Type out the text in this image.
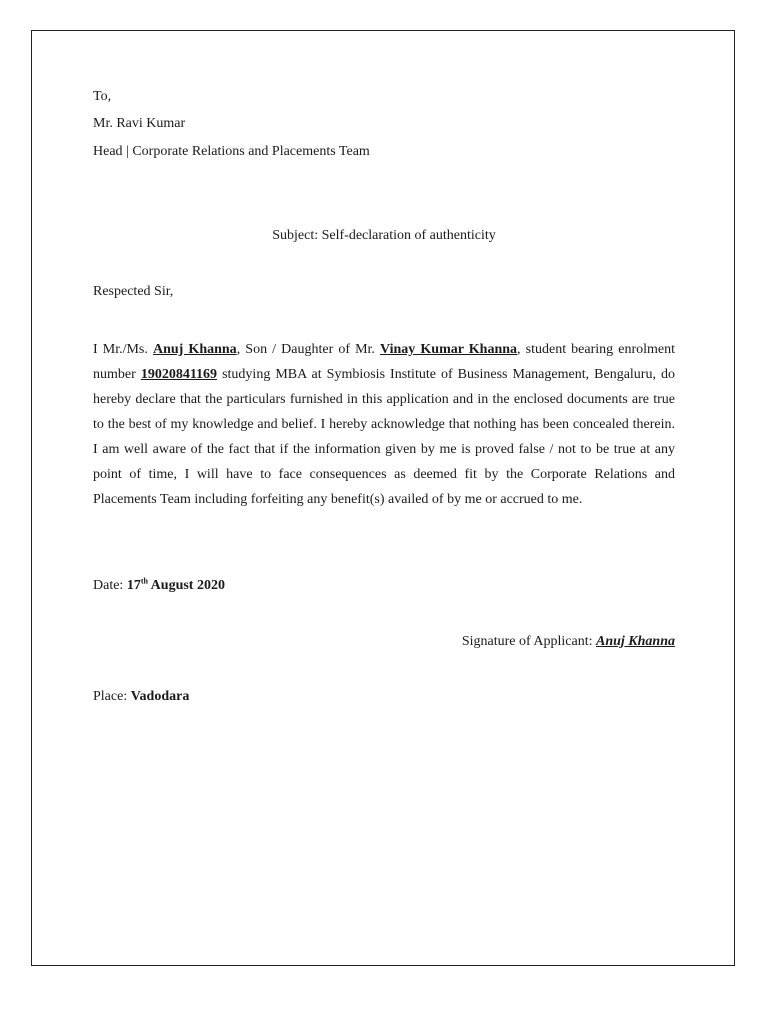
To,
Mr. Ravi Kumar
Head | Corporate Relations and Placements Team
Subject: Self-declaration of authenticity
Respected Sir,

I Mr./Ms. Anuj Khanna, Son / Daughter of Mr. Vinay Kumar Khanna, student bearing enrolment number 19020841169 studying MBA at Symbiosis Institute of Business Management, Bengaluru, do hereby declare that the particulars furnished in this application and in the enclosed documents are true to the best of my knowledge and belief. I hereby acknowledge that nothing has been concealed therein. I am well aware of the fact that if the information given by me is proved false / not to be true at any point of time, I will have to face consequences as deemed fit by the Corporate Relations and Placements Team including forfeiting any benefit(s) availed of by me or accrued to me.

Date: 17th August 2020
Signature of Applicant: Anuj Khanna
Place: Vadodara
